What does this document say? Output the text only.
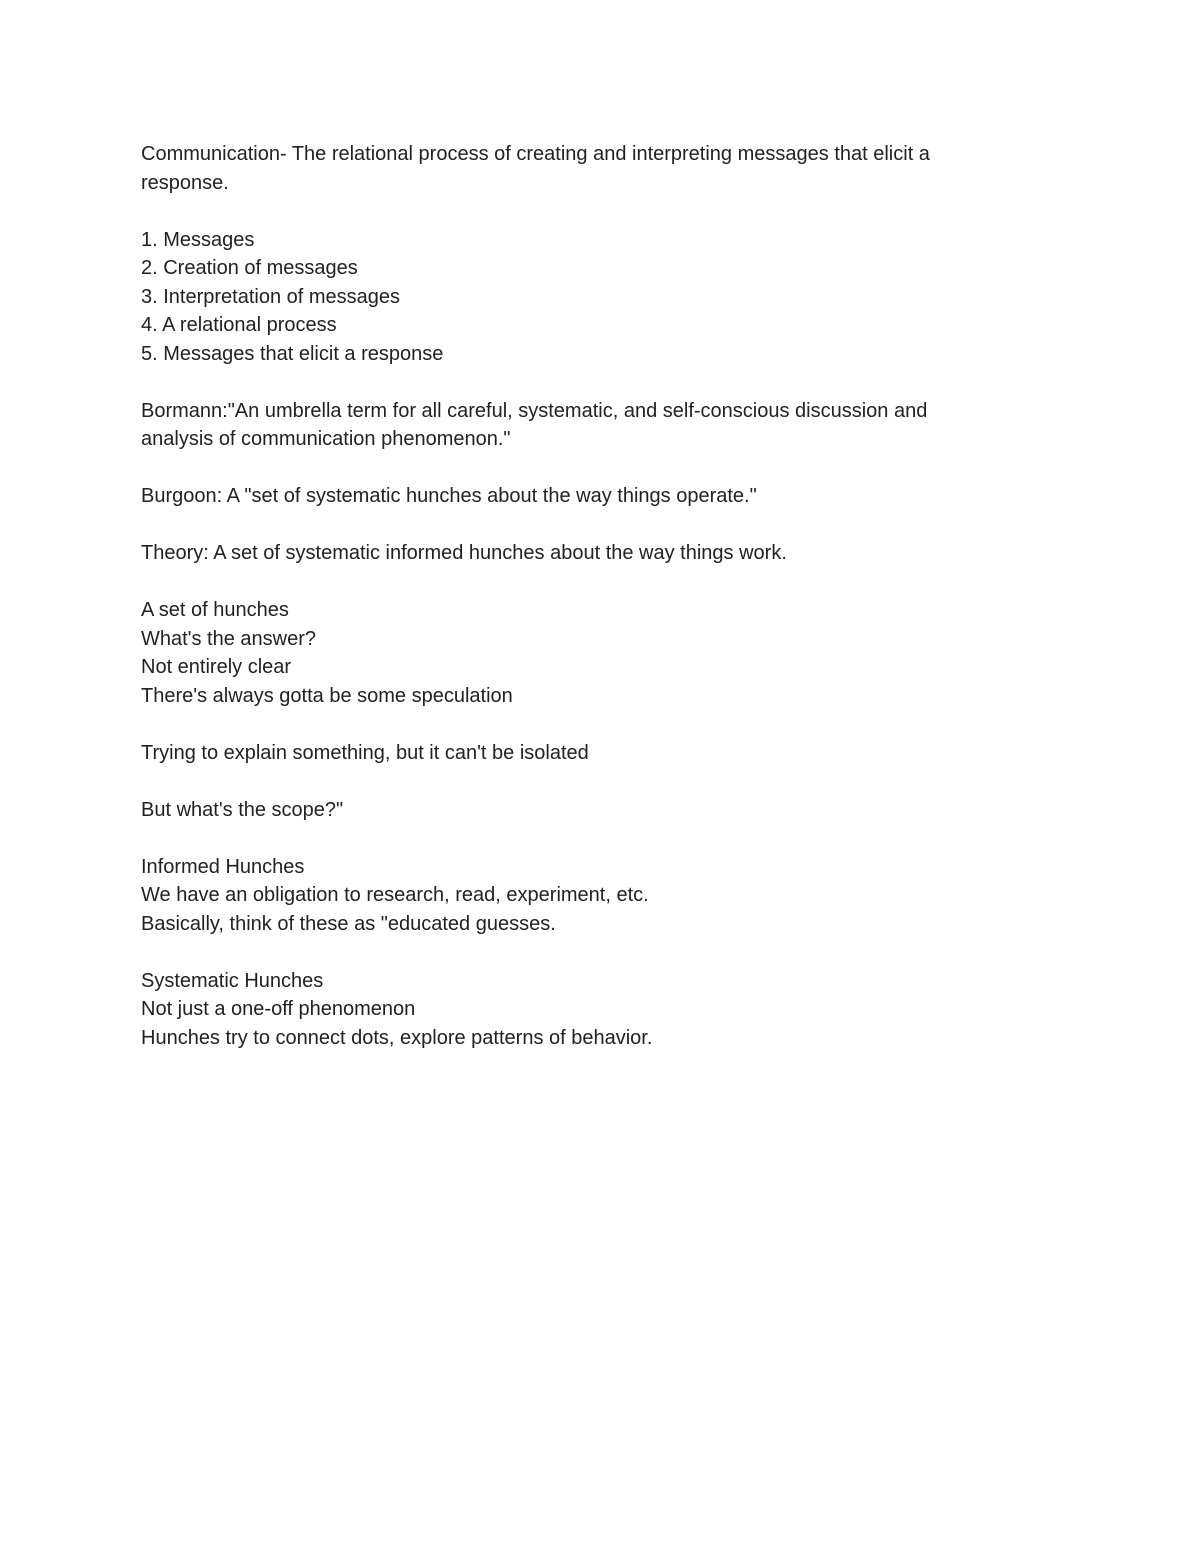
Communication- The relational process of creating and interpreting messages that elicit a
response.
1. Messages
2. Creation of messages
3. Interpretation of messages
4. A relational process
5. Messages that elicit a response
Bormann:"An umbrella term for all careful, systematic, and self-conscious discussion and
analysis of communication phenomenon."
Burgoon: A "set of systematic hunches about the way things operate."
Theory: A set of systematic informed hunches about the way things work.
A set of hunches
What's the answer?
Not entirely clear
There's always gotta be some speculation
Trying to explain something, but it can't be isolated
But what's the scope?"
Informed Hunches
We have an obligation to research, read, experiment, etc.
Basically, think of these as "educated guesses.
Systematic Hunches
Not just a one-off phenomenon
Hunches try to connect dots, explore patterns of behavior.
